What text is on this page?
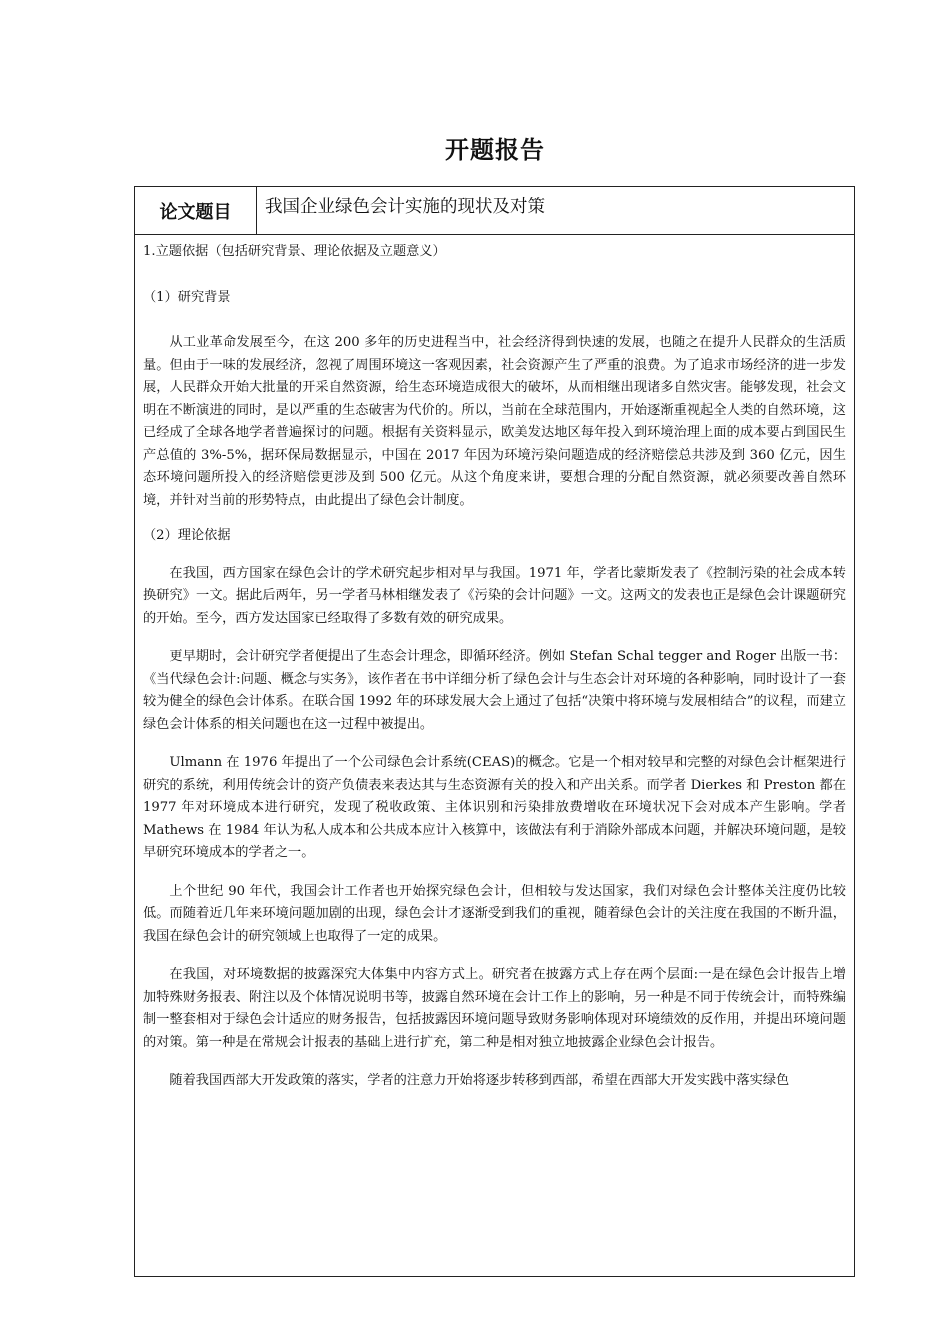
开题报告
论文题目	我国企业绿色会计实施的现状及对策

1.立题依据（包括研究背景、理论依据及立题意义）

（1）研究背景

从工业革命发展至今，在这 200 多年的历史进程当中，社会经济得到快速的发展，也随之在提升人民群众的生活质量。但由于一味的发展经济，忽视了周围环境这一客观因素，社会资源产生了严重的浪费。为了追求市场经济的进一步发展，人民群众开始大批量的开采自然资源，给生态环境造成很大的破坏，从而相继出现诸多自然灾害。能够发现，社会文明在不断演进的同时，是以严重的生态破害为代价的。所以，当前在全球范围内，开始逐渐重视起全人类的自然环境，这已经成了全球各地学者普遍探讨的问题。根据有关资料显示，欧美发达地区每年投入到环境治理上面的成本要占到国民生产总值的 3%-5%，据环保局数据显示，中国在 2017 年因为环境污染问题造成的经济赔偿总共涉及到 360 亿元，因生态环境问题所投入的经济赔偿更涉及到 500 亿元。从这个角度来讲，要想合理的分配自然资源，就必须要改善自然环境，并针对当前的形势特点，由此提出了绿色会计制度。

（2）理论依据

在我国，西方国家在绿色会计的学术研究起步相对早与我国。1971 年，学者比蒙斯发表了《控制污染的社会成本转换研究》一文。据此后两年，另一学者马林相继发表了《污染的会计问题》一文。这两文的发表也正是绿色会计课题研究的开始。至今，西方发达国家已经取得了多数有效的研究成果。

更早期时，会计研究学者便提出了生态会计理念，即循环经济。例如 Stefan Schal tegger and Roger 出版一书：《当代绿色会计:问题、概念与实务》，该作者在书中详细分析了绿色会计与生态会计对环境的各种影响，同时设计了一套较为健全的绿色会计体系。在联合国 1992 年的环球发展大会上通过了包括“决策中将环境与发展相结合”的议程，而建立绿色会计体系的相关问题也在这一过程中被提出。

Ulmann 在 1976 年提出了一个公司绿色会计系统(CEAS)的概念。它是一个相对较早和完整的对绿色会计框架进行研究的系统，利用传统会计的资产负债表来表达其与生态资源有关的投入和产出关系。而学者 Dierkes 和 Preston 都在 1977 年对环境成本进行研究，发现了税收政策、主体识别和污染排放费增收在环境状况下会对成本产生影响。学者 Mathews 在 1984 年认为私人成本和公共成本应计入核算中，该做法有利于消除外部成本问题，并解决环境问题，是较早研究环境成本的学者之一。

上个世纪 90 年代，我国会计工作者也开始探究绿色会计，但相较与发达国家，我们对绿色会计整体关注度仍比较低。而随着近几年来环境问题加剧的出现，绿色会计才逐渐受到我们的重视，随着绿色会计的关注度在我国的不断升温，我国在绿色会计的研究领域上也取得了一定的成果。

在我国，对环境数据的披露深究大体集中内容方式上。研究者在披露方式上存在两个层面:一是在绿色会计报告上增加特殊财务报表、附注以及个体情况说明书等，披露自然环境在会计工作上的影响，另一种是不同于传统会计，而特殊编制一整套相对于绿色会计适应的财务报告，包括披露因环境问题导致财务影响体现对环境绩效的反作用，并提出环境问题的对策。第一种是在常规会计报表的基础上进行扩充，第二种是相对独立地披露企业绿色会计报告。

随着我国西部大开发政策的落实，学者的注意力开始将逐步转移到西部，希望在西部大开发实践中落实绿色
